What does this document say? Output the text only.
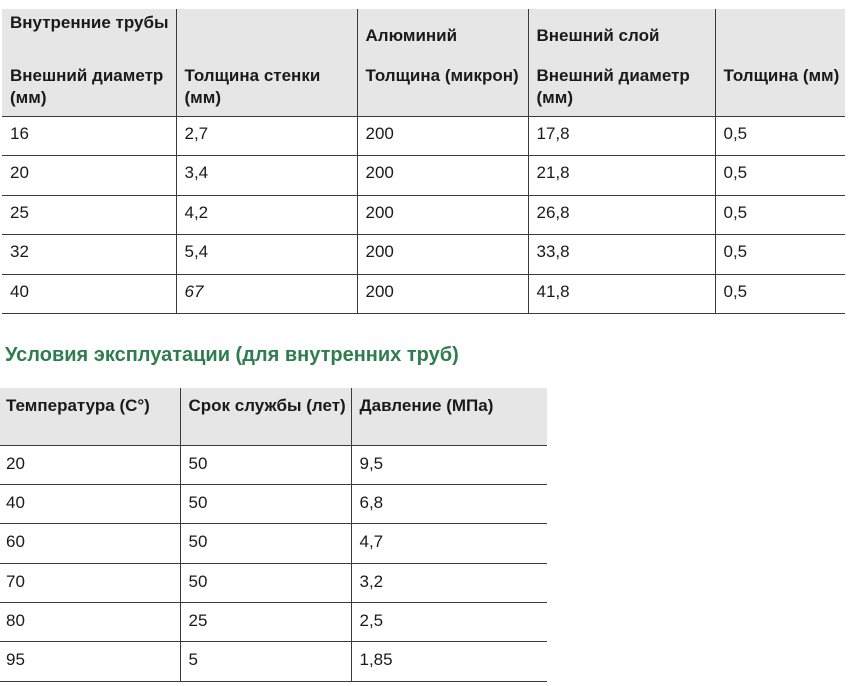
Внутренние трубы		Алюминий	Внешний слой	
Внешний диаметр (мм)	Толщина стенки (мм)	Толщина (микрон)	Внешний диаметр (мм)	Толщина (мм)
16	2,7	200	17,8	0,5
20	3,4	200	21,8	0,5
25	4,2	200	26,8	0,5
32	5,4	200	33,8	0,5
40	67	200	41,8	0,5
Условия эксплуатации (для внутренних труб)
Температура (С°)	Срок службы (лет)	Давление (МПа)
20	50	9,5
40	50	6,8
60	50	4,7
70	50	3,2
80	25	2,5
95	5	1,85
